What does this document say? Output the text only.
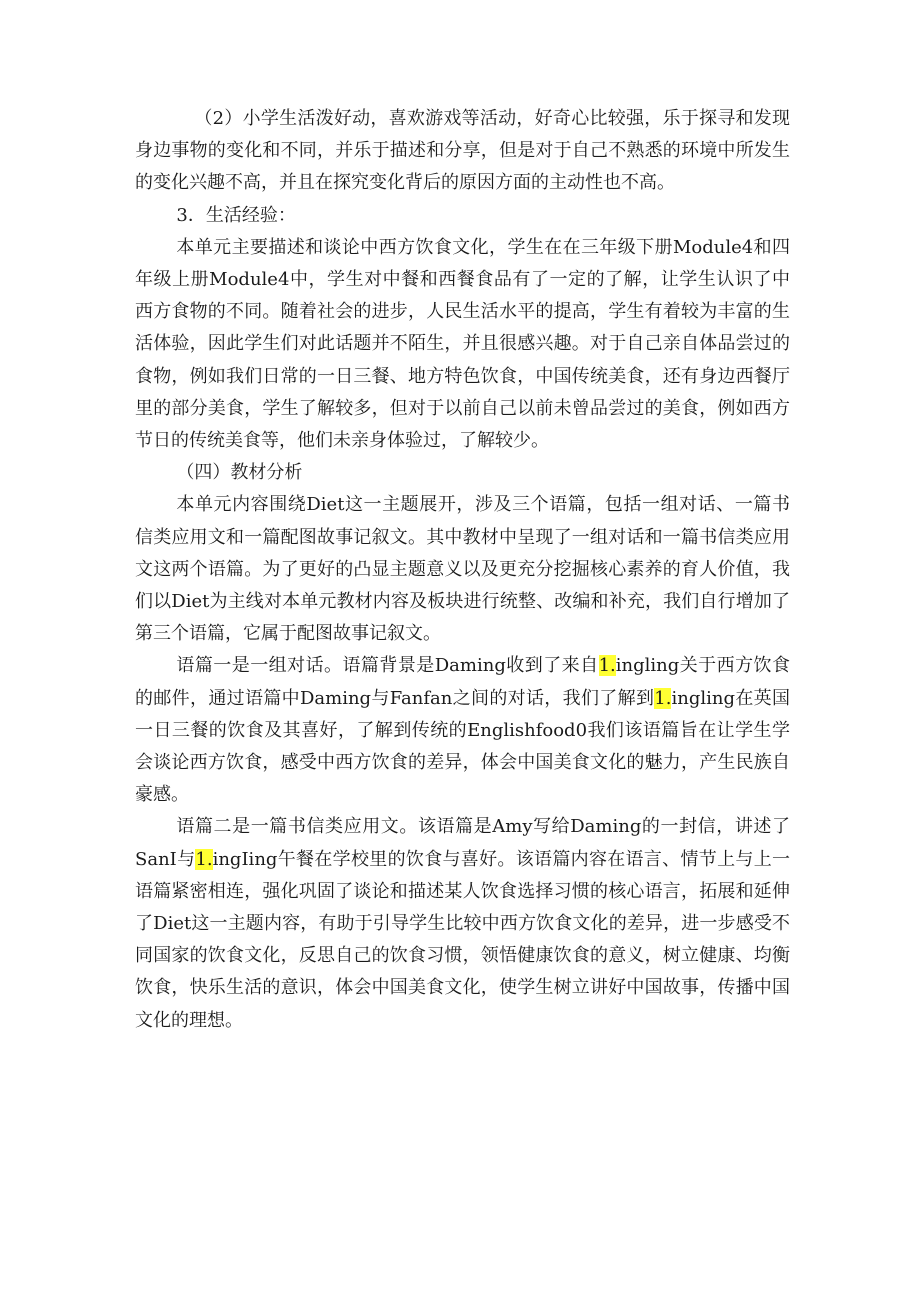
（2）小学生活泼好动，喜欢游戏等活动，好奇心比较强，乐于探寻和发现身边事物的变化和不同，并乐于描述和分享，但是对于自己不熟悉的环境中所发生的变化兴趣不高，并且在探究变化背后的原因方面的主动性也不高。

3．生活经验：

本单元主要描述和谈论中西方饮食文化，学生在在三年级下册Module4和四年级上册Module4中，学生对中餐和西餐食品有了一定的了解，让学生认识了中西方食物的不同。随着社会的进步，人民生活水平的提高，学生有着较为丰富的生活体验，因此学生们对此话题并不陌生，并且很感兴趣。对于自己亲自体品尝过的食物，例如我们日常的一日三餐、地方特色饮食，中国传统美食，还有身边西餐厅里的部分美食，学生了解较多，但对于以前自己以前未曾品尝过的美食，例如西方节日的传统美食等，他们未亲身体验过，了解较少。

（四）教材分析

本单元内容围绕Diet这一主题展开，涉及三个语篇，包括一组对话、一篇书信类应用文和一篇配图故事记叙文。其中教材中呈现了一组对话和一篇书信类应用文这两个语篇。为了更好的凸显主题意义以及更充分挖掘核心素养的育人价值，我们以Diet为主线对本单元教材内容及板块进行统整、改编和补充，我们自行增加了第三个语篇，它属于配图故事记叙文。

语篇一是一组对话。语篇背景是Daming收到了来自1.ingling关于西方饮食的邮件，通过语篇中Daming与Fanfan之间的对话，我们了解到1.ingling在英国一日三餐的饮食及其喜好，了解到传统的Englishfood0我们该语篇旨在让学生学会谈论西方饮食，感受中西方饮食的差异，体会中国美食文化的魅力，产生民族自豪感。

语篇二是一篇书信类应用文。该语篇是Amy写给Daming的一封信，讲述了SanI与1.ingIing午餐在学校里的饮食与喜好。该语篇内容在语言、情节上与上一语篇紧密相连，强化巩固了谈论和描述某人饮食选择习惯的核心语言，拓展和延伸了Diet这一主题内容，有助于引导学生比较中西方饮食文化的差异，进一步感受不同国家的饮食文化，反思自己的饮食习惯，领悟健康饮食的意义，树立健康、均衡饮食，快乐生活的意识，体会中国美食文化，使学生树立讲好中国故事，传播中国文化的理想。
